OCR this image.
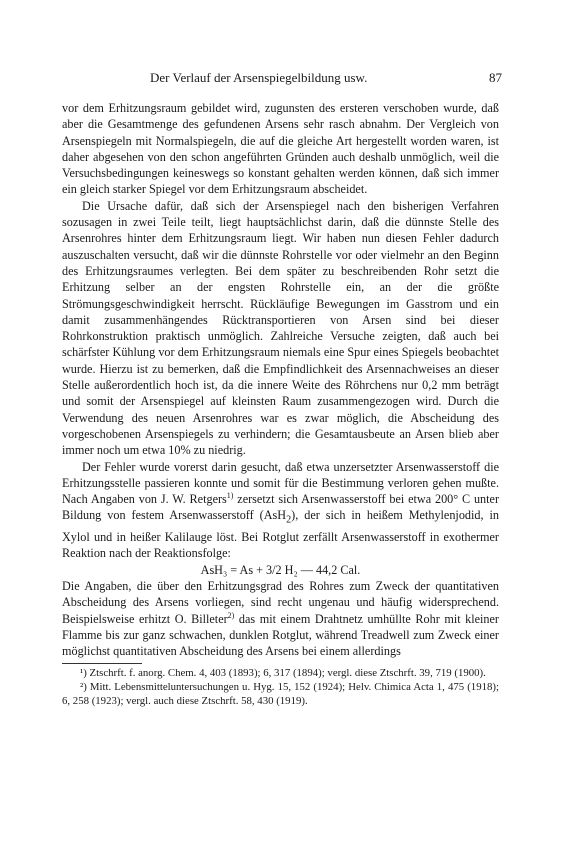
Der Verlauf der Arsenspiegelbildung usw.	87

vor dem Erhitzungsraum gebildet wird, zugunsten des ersteren verschoben wurde, daß aber die Gesamtmenge des gefundenen Arsens sehr rasch abnahm. Der Vergleich von Arsenspiegeln mit Normalspiegeln, die auf die gleiche Art hergestellt worden waren, ist daher abgesehen von den schon angeführten Gründen auch deshalb unmöglich, weil die Versuchsbedingungen keineswegs so konstant gehalten werden können, daß sich immer ein gleich starker Spiegel vor dem Erhitzungsraum abscheidet.

Die Ursache dafür, daß sich der Arsenspiegel nach den bisherigen Verfahren sozusagen in zwei Teile teilt, liegt hauptsächlichst darin, daß die dünnste Stelle des Arsenrohres hinter dem Erhitzungsraum liegt. Wir haben nun diesen Fehler dadurch auszuschalten versucht, daß wir die dünnste Rohrstelle vor oder vielmehr an den Beginn des Erhitzungsraumes verlegten. Bei dem später zu beschreibenden Rohr setzt die Erhitzung selber an der engsten Rohrstelle ein, an der die größte Strömungsgeschwindigkeit herrscht. Rückläufige Bewegungen im Gasstrom und ein damit zusammenhängendes Rücktransportieren von Arsen sind bei dieser Rohrkonstruktion praktisch unmöglich. Zahlreiche Versuche zeigten, daß auch bei schärfster Kühlung vor dem Erhitzungsraum niemals eine Spur eines Spiegels beobachtet wurde. Hierzu ist zu bemerken, daß die Empfindlichkeit des Arsennachweises an dieser Stelle außerordentlich hoch ist, da die innere Weite des Röhrchens nur 0,2 mm beträgt und somit der Arsenspiegel auf kleinsten Raum zusammengezogen wird. Durch die Verwendung des neuen Arsenrohres war es zwar möglich, die Abscheidung des vorgeschobenen Arsenspiegels zu verhindern; die Gesamtausbeute an Arsen blieb aber immer noch um etwa 10% zu niedrig.

Der Fehler wurde vorerst darin gesucht, daß etwa unzersetzter Arsenwasserstoff die Erhitzungsstelle passieren konnte und somit für die Bestimmung verloren gehen mußte. Nach Angaben von J. W. Retgers$^{1)}$ zersetzt sich Arsenwasserstoff bei etwa 200° C unter Bildung von festem Arsenwasserstoff (AsH$_2$), der sich in heißem Methylenjodid, in Xylol und in heißer Kalilauge löst. Bei Rotglut zerfällt Arsenwasserstoff in exothermer Reaktion nach der Reaktionsfolge:

AsH₃ = As + 3/2 H₂ — 44,2 Cal.

Die Angaben, die über den Erhitzungsgrad des Rohres zum Zweck der quantitativen Abscheidung des Arsens vorliegen, sind recht ungenau und häufig widersprechend. Beispielsweise erhitzt O. Billeter$^{2)}$ das mit einem Drahtnetz umhüllte Rohr mit kleiner Flamme bis zur ganz schwachen, dunklen Rotglut, während Treadwell zum Zweck einer möglichst quantitativen Abscheidung des Arsens bei einem allerdings

¹) Ztschrft. f. anorg. Chem. 4, 403 (1893); 6, 317 (1894); vergl. diese Ztschrft. 39, 719 (1900).

²) Mitt. Lebensmitteluntersuchungen u. Hyg. 15, 152 (1924); Helv. Chimica Acta 1, 475 (1918); 6, 258 (1923); vergl. auch diese Ztschrft. 58, 430 (1919).
